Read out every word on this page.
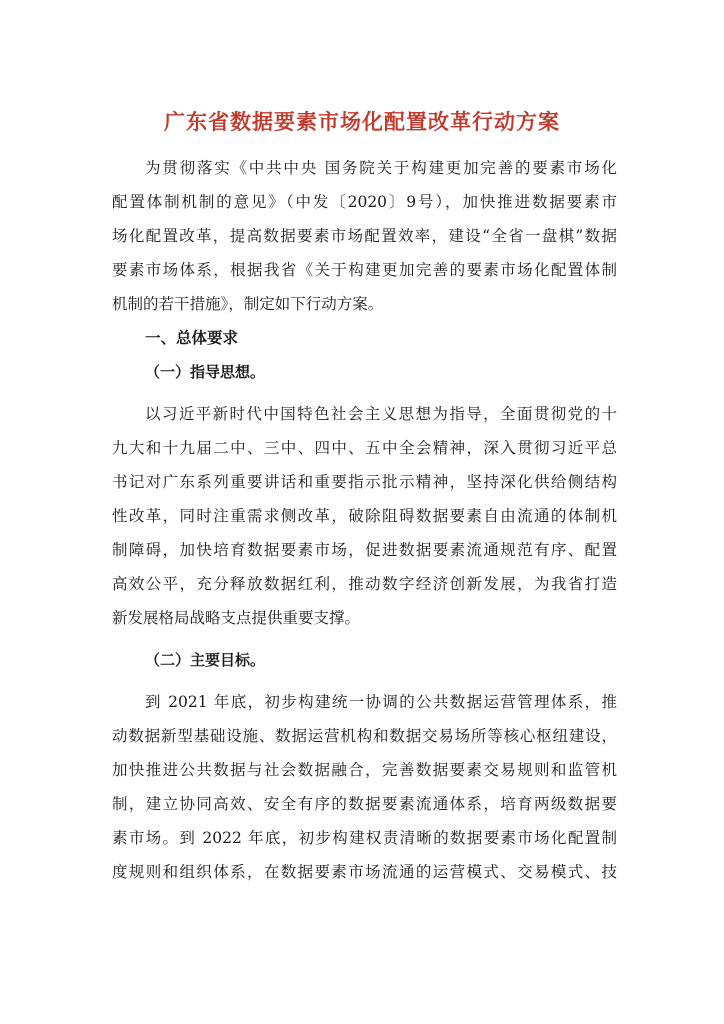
广东省数据要素市场化配置改革行动方案
为贯彻落实《中共中央 国务院关于构建更加完善的要素市场化
配置体制机制的意见》（中发〔2020〕9号），加快推进数据要素市
场化配置改革，提高数据要素市场配置效率，建设“全省一盘棋”数据
要素市场体系，根据我省《关于构建更加完善的要素市场化配置体制
机制的若干措施》，制定如下行动方案。
一、总体要求
（一）指导思想。
以习近平新时代中国特色社会主义思想为指导，全面贯彻党的十
九大和十九届二中、三中、四中、五中全会精神，深入贯彻习近平总
书记对广东系列重要讲话和重要指示批示精神，坚持深化供给侧结构
性改革，同时注重需求侧改革，破除阻碍数据要素自由流通的体制机
制障碍，加快培育数据要素市场，促进数据要素流通规范有序、配置
高效公平，充分释放数据红利，推动数字经济创新发展，为我省打造
新发展格局战略支点提供重要支撑。
（二）主要目标。
到 2021 年底，初步构建统一协调的公共数据运营管理体系，推
动数据新型基础设施、数据运营机构和数据交易场所等核心枢纽建设，
加快推进公共数据与社会数据融合，完善数据要素交易规则和监管机
制，建立协同高效、安全有序的数据要素流通体系，培育两级数据要
素市场。到 2022 年底，初步构建权责清晰的数据要素市场化配置制
度规则和组织体系，在数据要素市场流通的运营模式、交易模式、技
